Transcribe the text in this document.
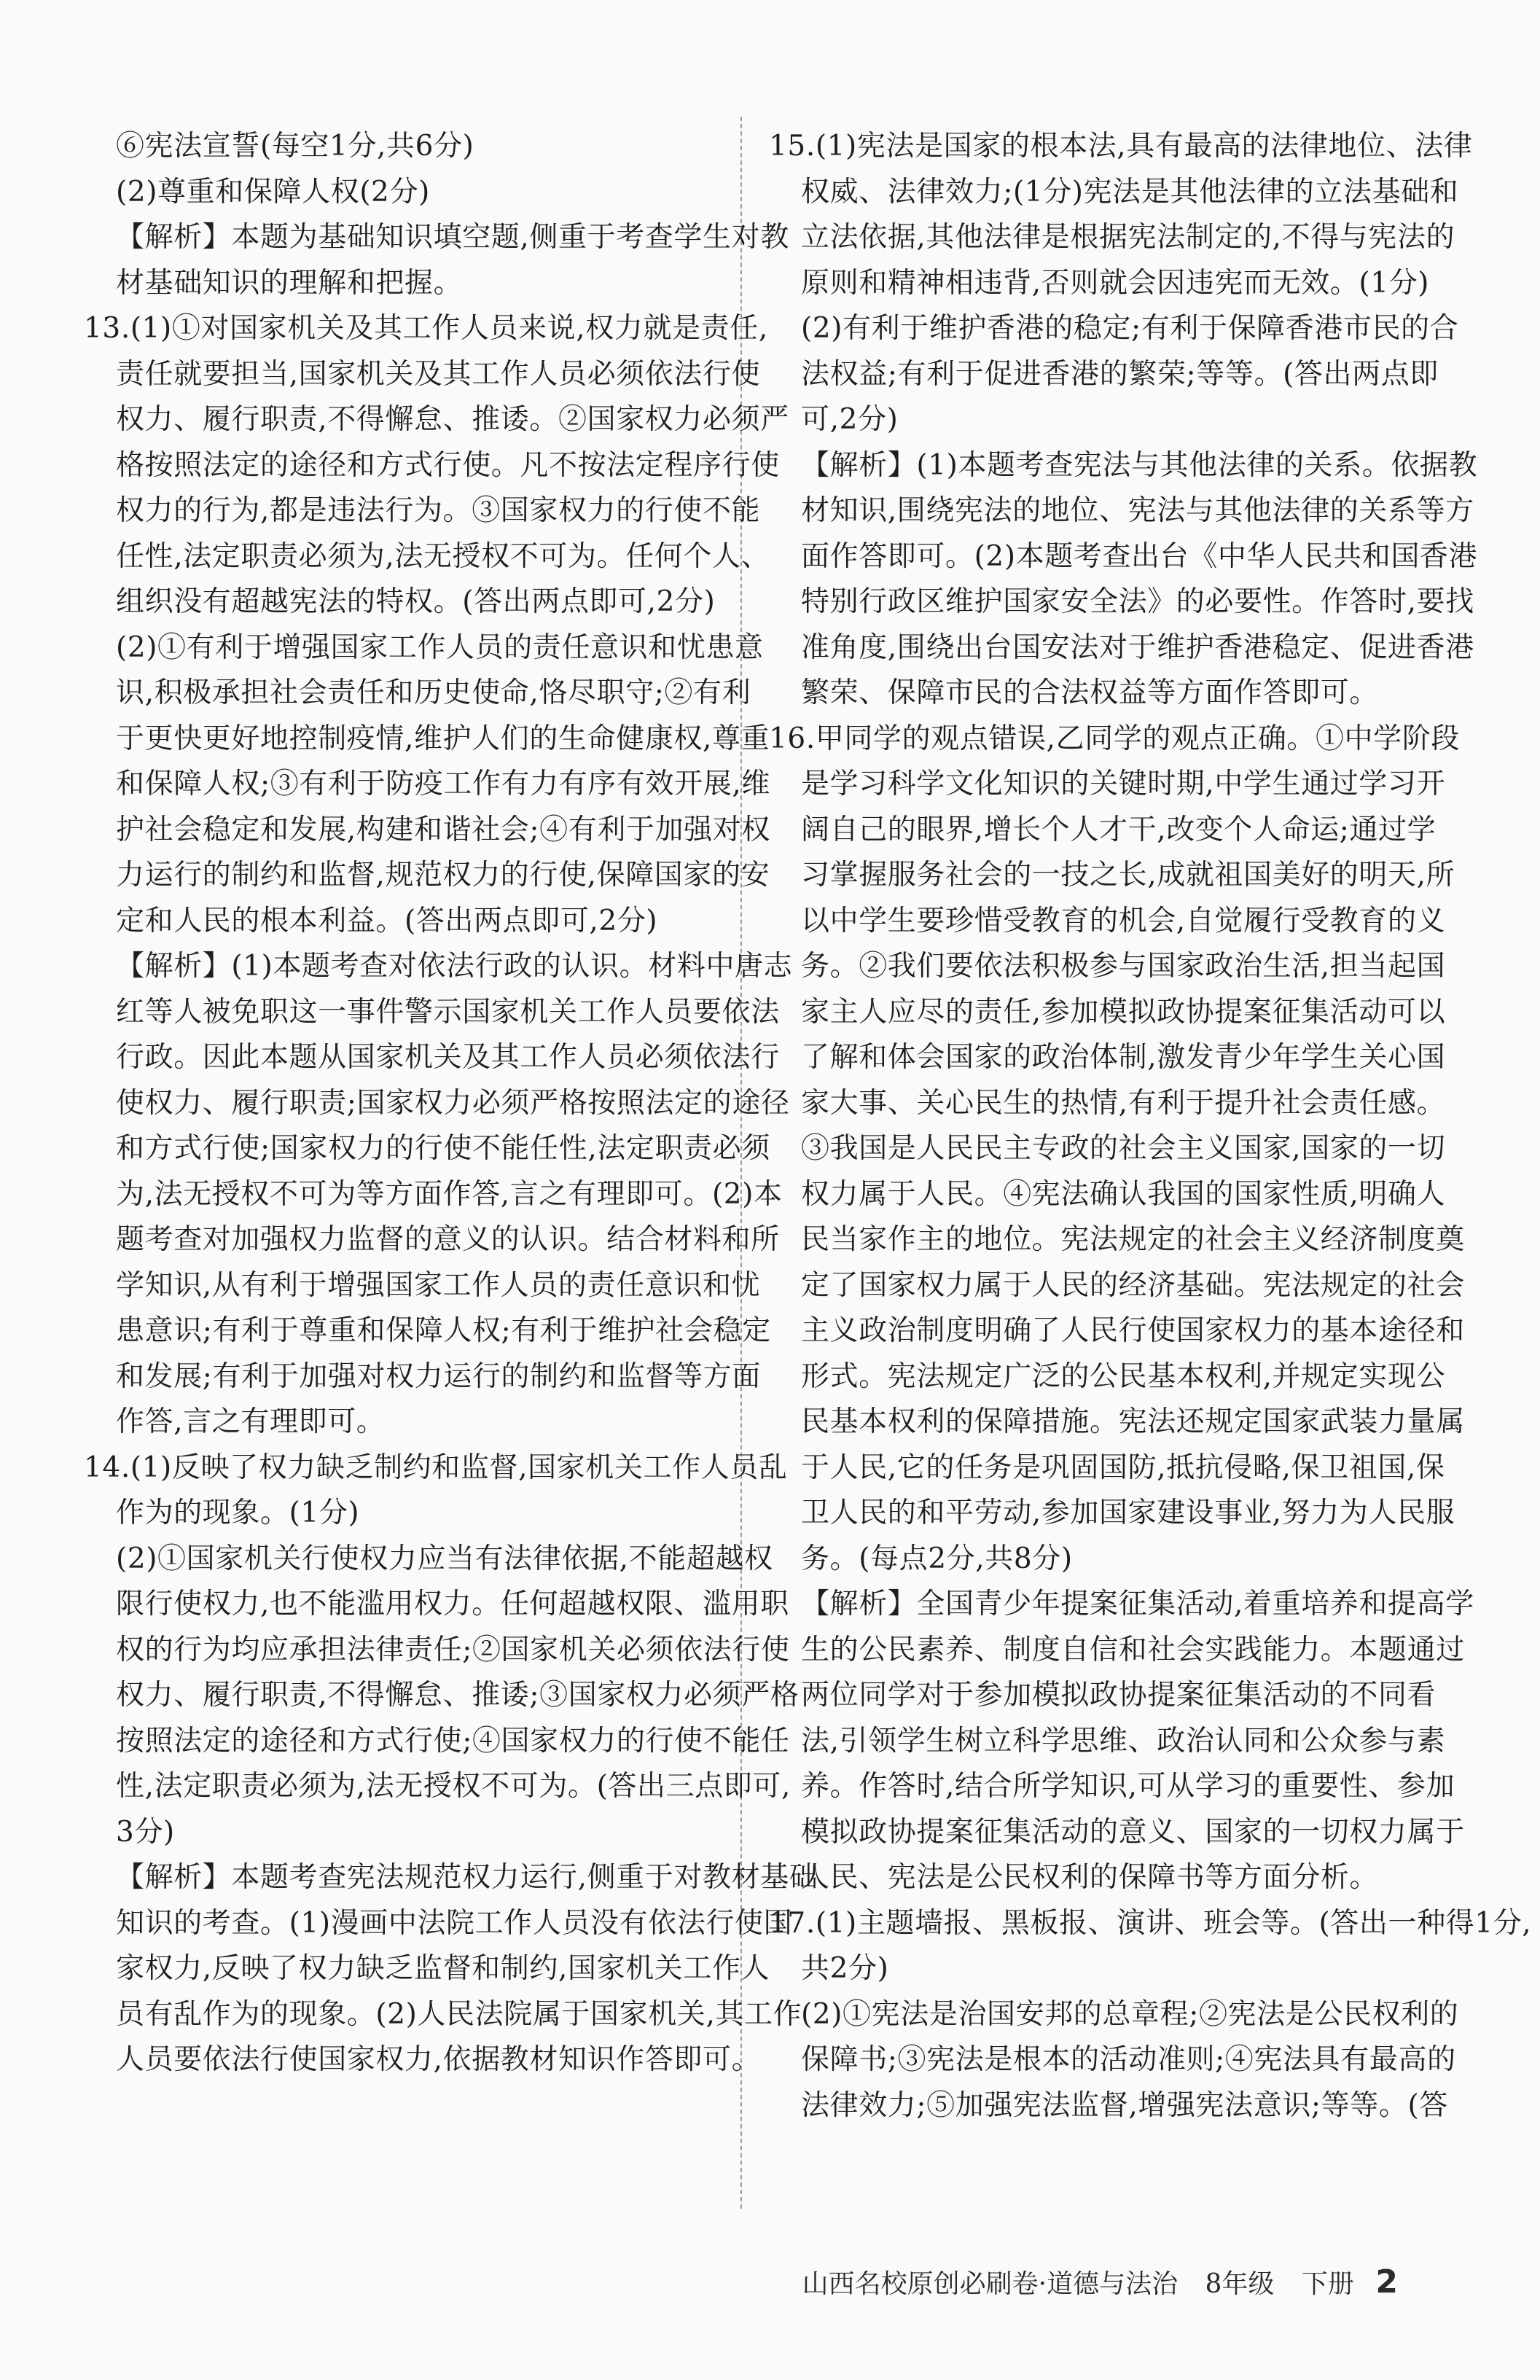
⑥宪法宣誓(每空1分,共6分)
(2)尊重和保障人权(2分)
【解析】本题为基础知识填空题,侧重于考查学生对教
材基础知识的理解和把握。
13.(1)①对国家机关及其工作人员来说,权力就是责任,
责任就要担当,国家机关及其工作人员必须依法行使
权力、履行职责,不得懈怠、推诿。②国家权力必须严
格按照法定的途径和方式行使。凡不按法定程序行使
权力的行为,都是违法行为。③国家权力的行使不能
任性,法定职责必须为,法无授权不可为。任何个人、
组织没有超越宪法的特权。(答出两点即可,2分)
(2)①有利于增强国家工作人员的责任意识和忧患意
识,积极承担社会责任和历史使命,恪尽职守;②有利
于更快更好地控制疫情,维护人们的生命健康权,尊重
和保障人权;③有利于防疫工作有力有序有效开展,维
护社会稳定和发展,构建和谐社会;④有利于加强对权
力运行的制约和监督,规范权力的行使,保障国家的安
定和人民的根本利益。(答出两点即可,2分)
【解析】(1)本题考查对依法行政的认识。材料中唐志
红等人被免职这一事件警示国家机关工作人员要依法
行政。因此本题从国家机关及其工作人员必须依法行
使权力、履行职责;国家权力必须严格按照法定的途径
和方式行使;国家权力的行使不能任性,法定职责必须
为,法无授权不可为等方面作答,言之有理即可。(2)本
题考查对加强权力监督的意义的认识。结合材料和所
学知识,从有利于增强国家工作人员的责任意识和忧
患意识;有利于尊重和保障人权;有利于维护社会稳定
和发展;有利于加强对权力运行的制约和监督等方面
作答,言之有理即可。
14.(1)反映了权力缺乏制约和监督,国家机关工作人员乱
作为的现象。(1分)
(2)①国家机关行使权力应当有法律依据,不能超越权
限行使权力,也不能滥用权力。任何超越权限、滥用职
权的行为均应承担法律责任;②国家机关必须依法行使
权力、履行职责,不得懈怠、推诿;③国家权力必须严格
按照法定的途径和方式行使;④国家权力的行使不能任
性,法定职责必须为,法无授权不可为。(答出三点即可,
3分)
【解析】本题考查宪法规范权力运行,侧重于对教材基础
知识的考查。(1)漫画中法院工作人员没有依法行使国
家权力,反映了权力缺乏监督和制约,国家机关工作人
员有乱作为的现象。(2)人民法院属于国家机关,其工作
人员要依法行使国家权力,依据教材知识作答即可。
15.(1)宪法是国家的根本法,具有最高的法律地位、法律
权威、法律效力;(1分)宪法是其他法律的立法基础和
立法依据,其他法律是根据宪法制定的,不得与宪法的
原则和精神相违背,否则就会因违宪而无效。(1分)
(2)有利于维护香港的稳定;有利于保障香港市民的合
法权益;有利于促进香港的繁荣;等等。(答出两点即
可,2分)
【解析】(1)本题考查宪法与其他法律的关系。依据教
材知识,围绕宪法的地位、宪法与其他法律的关系等方
面作答即可。(2)本题考查出台《中华人民共和国香港
特别行政区维护国家安全法》的必要性。作答时,要找
准角度,围绕出台国安法对于维护香港稳定、促进香港
繁荣、保障市民的合法权益等方面作答即可。
16.甲同学的观点错误,乙同学的观点正确。①中学阶段
是学习科学文化知识的关键时期,中学生通过学习开
阔自己的眼界,增长个人才干,改变个人命运;通过学
习掌握服务社会的一技之长,成就祖国美好的明天,所
以中学生要珍惜受教育的机会,自觉履行受教育的义
务。②我们要依法积极参与国家政治生活,担当起国
家主人应尽的责任,参加模拟政协提案征集活动可以
了解和体会国家的政治体制,激发青少年学生关心国
家大事、关心民生的热情,有利于提升社会责任感。
③我国是人民民主专政的社会主义国家,国家的一切
权力属于人民。④宪法确认我国的国家性质,明确人
民当家作主的地位。宪法规定的社会主义经济制度奠
定了国家权力属于人民的经济基础。宪法规定的社会
主义政治制度明确了人民行使国家权力的基本途径和
形式。宪法规定广泛的公民基本权利,并规定实现公
民基本权利的保障措施。宪法还规定国家武装力量属
于人民,它的任务是巩固国防,抵抗侵略,保卫祖国,保
卫人民的和平劳动,参加国家建设事业,努力为人民服
务。(每点2分,共8分)
【解析】全国青少年提案征集活动,着重培养和提高学
生的公民素养、制度自信和社会实践能力。本题通过
两位同学对于参加模拟政协提案征集活动的不同看
法,引领学生树立科学思维、政治认同和公众参与素
养。作答时,结合所学知识,可从学习的重要性、参加
模拟政协提案征集活动的意义、国家的一切权力属于
人民、宪法是公民权利的保障书等方面分析。
17.(1)主题墙报、黑板报、演讲、班会等。(答出一种得1分,
共2分)
(2)①宪法是治国安邦的总章程;②宪法是公民权利的
保障书;③宪法是根本的活动准则;④宪法具有最高的
法律效力;⑤加强宪法监督,增强宪法意识;等等。(答
山西名校原创必刷卷·道德与法治 8年级 下册 2
